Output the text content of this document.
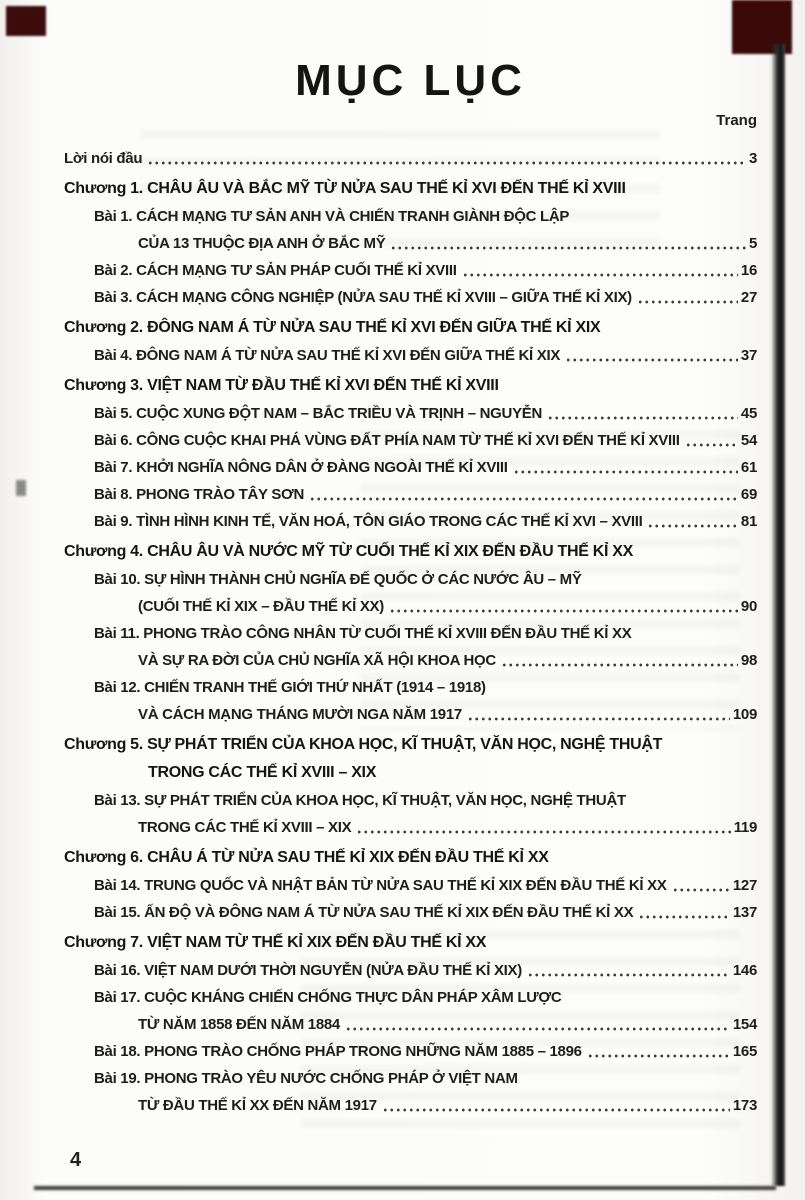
MỤC LỤC
Trang
Lời nói đầu	3
Chương 1. CHÂU ÂU VÀ BẮC MỸ TỪ NỬA SAU THẾ KỈ XVI ĐẾN THẾ KỈ XVIII
Bài 1. CÁCH MẠNG TƯ SẢN ANH VÀ CHIẾN TRANH GIÀNH ĐỘC LẬP
CỦA 13 THUỘC ĐỊA ANH Ở BẮC MỸ	5
Bài 2. CÁCH MẠNG TƯ SẢN PHÁP CUỐI THẾ KỈ XVIII	16
Bài 3. CÁCH MẠNG CÔNG NGHIỆP (NỬA SAU THẾ KỈ XVIII – GIỮA THẾ KỈ XIX)	27
Chương 2. ĐÔNG NAM Á TỪ NỬA SAU THẾ KỈ XVI ĐẾN GIỮA THẾ KỈ XIX
Bài 4. ĐÔNG NAM Á TỪ NỬA SAU THẾ KỈ XVI ĐẾN GIỮA THẾ KỈ XIX	37
Chương 3. VIỆT NAM TỪ ĐẦU THẾ KỈ XVI ĐẾN THẾ KỈ XVIII
Bài 5. CUỘC XUNG ĐỘT NAM – BẮC TRIỀU VÀ TRỊNH – NGUYỄN	45
Bài 6. CÔNG CUỘC KHAI PHÁ VÙNG ĐẤT PHÍA NAM TỪ THẾ KỈ XVI ĐẾN THẾ KỈ XVIII	54
Bài 7. KHỞI NGHĨA NÔNG DÂN Ở ĐÀNG NGOÀI THẾ KỈ XVIII	61
Bài 8. PHONG TRÀO TÂY SƠN	69
Bài 9. TÌNH HÌNH KINH TẾ, VĂN HOÁ, TÔN GIÁO TRONG CÁC THẾ KỈ XVI – XVIII	81
Chương 4. CHÂU ÂU VÀ NƯỚC MỸ TỪ CUỐI THẾ KỈ XIX ĐẾN ĐẦU THẾ KỈ XX
Bài 10. SỰ HÌNH THÀNH CHỦ NGHĨA ĐẾ QUỐC Ở CÁC NƯỚC ÂU – MỸ
(CUỐI THẾ KỈ XIX – ĐẦU THẾ KỈ XX)	90
Bài 11. PHONG TRÀO CÔNG NHÂN TỪ CUỐI THẾ KỈ XVIII ĐẾN ĐẦU THẾ KỈ XX
VÀ SỰ RA ĐỜI CỦA CHỦ NGHĨA XÃ HỘI KHOA HỌC	98
Bài 12. CHIẾN TRANH THẾ GIỚI THỨ NHẤT (1914 – 1918)
VÀ CÁCH MẠNG THÁNG MƯỜI NGA NĂM 1917	109
Chương 5. SỰ PHÁT TRIỂN CỦA KHOA HỌC, KĨ THUẬT, VĂN HỌC, NGHỆ THUẬT
TRONG CÁC THẾ KỈ XVIII – XIX
Bài 13. SỰ PHÁT TRIỂN CỦA KHOA HỌC, KĨ THUẬT, VĂN HỌC, NGHỆ THUẬT
TRONG CÁC THẾ KỈ XVIII – XIX	119
Chương 6. CHÂU Á TỪ NỬA SAU THẾ KỈ XIX ĐẾN ĐẦU THẾ KỈ XX
Bài 14. TRUNG QUỐC VÀ NHẬT BẢN TỪ NỬA SAU THẾ KỈ XIX ĐẾN ĐẦU THẾ KỈ XX	127
Bài 15. ẤN ĐỘ VÀ ĐÔNG NAM Á TỪ NỬA SAU THẾ KỈ XIX ĐẾN ĐẦU THẾ KỈ XX	137
Chương 7. VIỆT NAM TỪ THẾ KỈ XIX ĐẾN ĐẦU THẾ KỈ XX
Bài 16. VIỆT NAM DƯỚI THỜI NGUYỄN (NỬA ĐẦU THẾ KỈ XIX)	146
Bài 17. CUỘC KHÁNG CHIẾN CHỐNG THỰC DÂN PHÁP XÂM LƯỢC
TỪ NĂM 1858 ĐẾN NĂM 1884	154
Bài 18. PHONG TRÀO CHỐNG PHÁP TRONG NHỮNG NĂM 1885 – 1896	165
Bài 19. PHONG TRÀO YÊU NƯỚC CHỐNG PHÁP Ở VIỆT NAM
TỪ ĐẦU THẾ KỈ XX ĐẾN NĂM 1917	173
4
